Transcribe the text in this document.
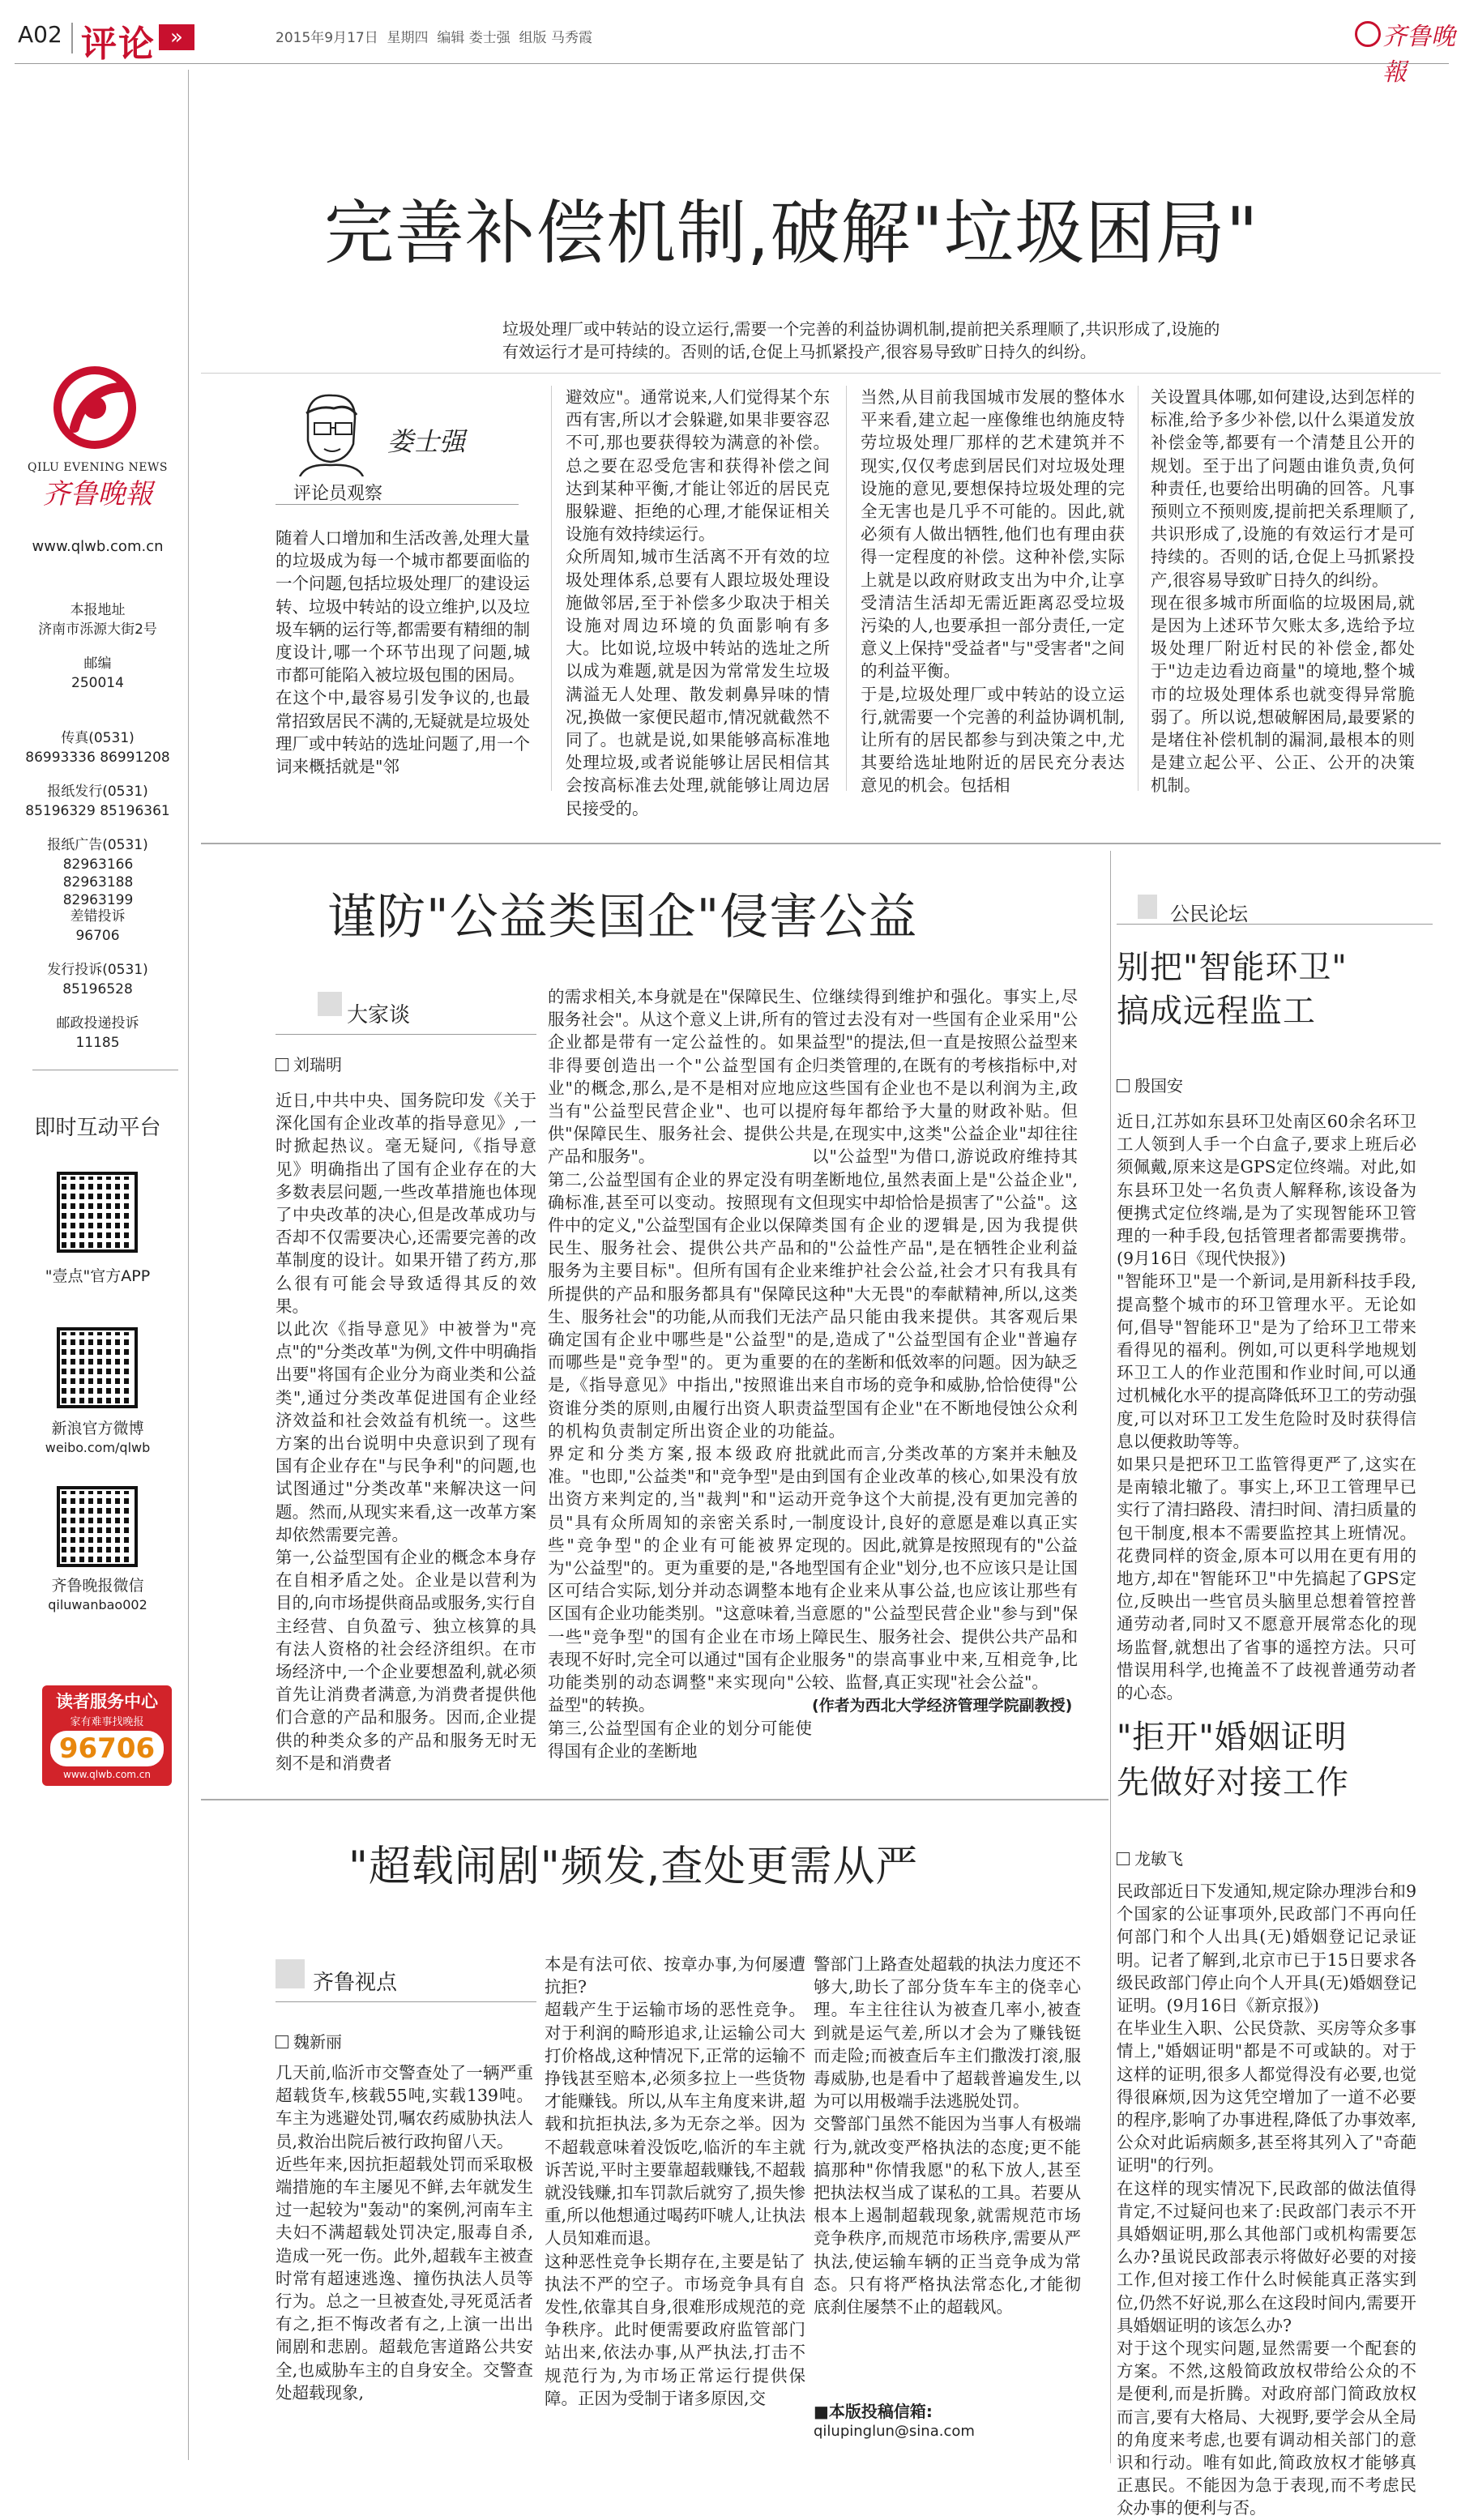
A02 评论 »	2015年9月17日  星期四  编辑 娄士强  组版 马秀霞	齐鲁晚報
QILU EVENING NEWS
齐鲁晚報
www.qlwb.com.cn
本报地址
济南市泺源大街2号
邮编
250014
传真(0531)
86993336 86991208
报纸发行(0531)
85196329 85196361
报纸广告(0531)
82963166 82963188 82963199
差错投诉
96706
发行投诉(0531)
85196528
邮政投递投诉
11185
即时互动平台
"壹点"官方APP
新浪官方微博
weibo.com/qlwb
齐鲁晚报微信
qiluwanbao002
读者服务中心
家有难事找晚报
96706
www.qlwb.com.cn
完善补偿机制,破解"垃圾困局"
垃圾处理厂或中转站的设立运行,需要一个完善的利益协调机制,提前把关系理顺了,共识形成了,设施的有效运行才是可持续的。否则的话,仓促上马抓紧投产,很容易导致旷日持久的纠纷。
娄士强
评论员观察
随着人口增加和生活改善,处理大量的垃圾成为每一个城市都要面临的一个问题,包括垃圾处理厂的建设运转、垃圾中转站的设立维护,以及垃圾车辆的运行等,都需要有精细的制度设计,哪一个环节出现了问题,城市都可能陷入被垃圾包围的困局。
在这个中,最容易引发争议的,也最常招致居民不满的,无疑就是垃圾处理厂或中转站的选址问题了,用一个词来概括就是"邻
避效应"。通常说来,人们觉得某个东西有害,所以才会躲避,如果非要容忍不可,那也要获得较为满意的补偿。总之要在忍受危害和获得补偿之间达到某种平衡,才能让邻近的居民克服躲避、拒绝的心理,才能保证相关设施有效持续运行。
众所周知,城市生活离不开有效的垃圾处理体系,总要有人跟垃圾处理设施做邻居,至于补偿多少取决于相关设施对周边环境的负面影响有多大。比如说,垃圾中转站的选址之所以成为难题,就是因为常常发生垃圾满溢无人处理、散发刺鼻异味的情况,换做一家便民超市,情况就截然不同了。也就是说,如果能够高标准地处理垃圾,或者说能够让居民相信其会按高标准去处理,就能够让周边居民接受的。
当然,从目前我国城市发展的整体水平来看,建立起一座像维也纳施皮特劳垃圾处理厂那样的艺术建筑并不现实,仅仅考虑到居民们对垃圾处理设施的意见,要想保持垃圾处理的完全无害也是几乎不可能的。因此,就必须有人做出牺牲,他们也有理由获得一定程度的补偿。这种补偿,实际上就是以政府财政支出为中介,让享受清洁生活却无需近距离忍受垃圾污染的人,也要承担一部分责任,一定意义上保持"受益者"与"受害者"之间的利益平衡。
于是,垃圾处理厂或中转站的设立运行,就需要一个完善的利益协调机制,让所有的居民都参与到决策之中,尤其要给选址地附近的居民充分表达意见的机会。包括相
关设置具体哪,如何建设,达到怎样的标准,给予多少补偿,以什么渠道发放补偿金等,都要有一个清楚且公开的规划。至于出了问题由谁负责,负何种责任,也要给出明确的回答。凡事预则立不预则废,提前把关系理顺了,共识形成了,设施的有效运行才是可持续的。否则的话,仓促上马抓紧投产,很容易导致旷日持久的纠纷。
现在很多城市所面临的垃圾困局,就是因为上述环节欠账太多,选给予垃圾处理厂附近村民的补偿金,都处于"边走边看边商量"的境地,整个城市的垃圾处理体系也就变得异常脆弱了。所以说,想破解困局,最要紧的是堵住补偿机制的漏洞,最根本的则是建立起公平、公正、公开的决策机制。
谨防"公益类国企"侵害公益
大家谈
刘瑞明
近日,中共中央、国务院印发《关于深化国有企业改革的指导意见》,一时掀起热议。毫无疑问,《指导意见》明确指出了国有企业存在的大多数表层问题,一些改革措施也体现了中央改革的决心,但是改革成功与否却不仅需要决心,还需要完善的改革制度的设计。如果开错了药方,那么很有可能会导致适得其反的效果。
以此次《指导意见》中被誉为"亮点"的"分类改革"为例,文件中明确指出要"将国有企业分为商业类和公益类",通过分类改革促进国有企业经济效益和社会效益有机统一。这些方案的出台说明中央意识到了现有国有企业存在"与民争利"的问题,也试图通过"分类改革"来解决这一问题。然而,从现实来看,这一改革方案却依然需要完善。
第一,公益型国有企业的概念本身存在自相矛盾之处。企业是以营利为目的,向市场提供商品或服务,实行自主经营、自负盈亏、独立核算的具有法人资格的社会经济组织。在市场经济中,一个企业要想盈利,就必须首先让消费者满意,为消费者提供他们合意的产品和服务。因而,企业提供的种类众多的产品和服务无时无刻不是和消费者
的需求相关,本身就是在"保障民生、服务社会"。从这个意义上讲,所有的企业都是带有一定公益性的。如果非得要创造出一个"公益型国有企业"的概念,那么,是不是相对应地应当有"公益型民营企业"、也可以提供"保障民生、服务社会、提供公共产品和服务"。
第二,公益型国有企业的界定没有明确标准,甚至可以变动。按照现有文件中的定义,"公益型国有企业以保障民生、服务社会、提供公共产品和服务为主要目标"。但所有国有企业所提供的产品和服务都具有"保障民生、服务社会"的功能,从而我们无法确定国有企业中哪些是"公益型"的而哪些是"竞争型"的。更为重要的是,《指导意见》中指出,"按照谁出资谁分类的原则,由履行出资人职责的机构负责制定所出资企业的功能界定和分类方案,报本级政府批准。"也即,"公益类"和"竞争型"是由出资方来判定的,当"裁判"和"运动员"具有众所周知的亲密关系时,一些"竞争型"的企业有可能被界定为"公益型"的。更为重要的是,"各地区可结合实际,划分并动态调整本地区国有企业功能类别。"这意味着,当一些"竞争型"的国有企业在市场上表现不好时,完全可以通过"国有企业功能类别的动态调整"来实现向"公益型"的转换。
第三,公益型国有企业的划分可能使得国有企业的垄断地
位继续得到维护和强化。事实上,尽管过去没有对一些国有企业采用"公益型"的提法,但一直是按照公益型来归类管理的,在既有的考核指标中,对这些国有企业也不是以利润为主,政府每年都给予大量的财政补贴。但是,在现实中,这类"公益企业"却往往以"公益型"为借口,游说政府维持其垄断地位,虽然表面上是"公益企业",但现实中却恰恰是损害了"公益"。这类国有企业的逻辑是,因为我提供的"公益性产品",是在牺牲企业利益来维护社会公益,社会才只有我具有这种"大无畏"的奉献精神,所以,这类产品只能由我来提供。其客观后果是,造成了"公益型国有企业"普遍存在的垄断和低效率的问题。因为缺乏来自市场的竞争和威胁,恰恰使得"公益型国有企业"在不断地侵蚀公众利益。
就此而言,分类改革的方案并未触及到国有企业改革的核心,如果没有放开竞争这个大前提,没有更加完善的制度设计,良好的意愿是难以真正实现的。因此,就算是按照现有的"公益型国有企业"划分,也不应该只是让国有企业来从事公益,也应该让那些有意愿的"公益型民营企业"参与到"保障民生、服务社会、提供公共产品和服务"的崇高事业中来,互相竞争,比较、监督,真正实现"社会公益"。
(作者为西北大学经济管理学院副教授)
"超载闹剧"频发,查处更需从严
齐鲁视点
魏新丽
几天前,临沂市交警查处了一辆严重超载货车,核载55吨,实载139吨。车主为逃避处罚,嘱农药威胁执法人员,救治出院后被行政拘留八天。
近些年来,因抗拒超载处罚而采取极端措施的车主屡见不鲜,去年就发生过一起较为"轰动"的案例,河南车主夫妇不满超载处罚决定,服毒自杀,造成一死一伤。此外,超载车主被查时常有超速逃逸、撞伤执法人员等行为。总之一旦被查处,寻死觅活者有之,拒不悔改者有之,上演一出出闹剧和悲剧。超载危害道路公共安全,也威胁车主的自身安全。交警查处超载现象,
本是有法可依、按章办事,为何屡遭抗拒?
超载产生于运输市场的恶性竞争。对于利润的畸形追求,让运输公司大打价格战,这种情况下,正常的运输不挣钱甚至赔本,必须多拉上一些货物才能赚钱。所以,从车主角度来讲,超载和抗拒执法,多为无奈之举。因为不超载意味着没饭吃,临沂的车主就诉苦说,平时主要靠超载赚钱,不超载就没钱赚,扣车罚款后就穷了,损失惨重,所以他想通过喝药吓唬人,让执法人员知难而退。
这种恶性竞争长期存在,主要是钻了执法不严的空子。市场竞争具有自发性,依靠其自身,很难形成规范的竞争秩序。此时便需要政府监管部门站出来,依法办事,从严执法,打击不规范行为,为市场正常运行提供保障。正因为受制于诸多原因,交
警部门上路查处超载的执法力度还不够大,助长了部分货车车主的侥幸心理。车主往往认为被查几率小,被查到就是运气差,所以才会为了赚钱铤而走险;而被查后车主们撒泼打滚,服毒威胁,也是看中了超载普遍发生,以为可以用极端手法逃脱处罚。
交警部门虽然不能因为当事人有极端行为,就改变严格执法的态度;更不能搞那种"你情我愿"的私下放人,甚至把执法权当成了谋私的工具。若要从根本上遏制超载现象,就需规范市场竞争秩序,而规范市场秩序,需要从严执法,使运输车辆的正当竞争成为常态。只有将严格执法常态化,才能彻底刹住屡禁不止的超载风。
■本版投稿信箱:
qilupinglun@sina.com
公民论坛
别把"智能环卫"
搞成远程监工
殷国安
近日,江苏如东县环卫处南区60余名环卫工人领到人手一个白盒子,要求上班后必须佩戴,原来这是GPS定位终端。对此,如东县环卫处一名负责人解释称,该设备为便携式定位终端,是为了实现智能环卫管理的一种手段,包括管理者都需要携带。(9月16日《现代快报》)
"智能环卫"是一个新词,是用新科技手段,提高整个城市的环卫管理水平。无论如何,倡导"智能环卫"是为了给环卫工带来看得见的福利。例如,可以更科学地规划环卫工人的作业范围和作业时间,可以通过机械化水平的提高降低环卫工的劳动强度,可以对环卫工发生危险时及时获得信息以便救助等等。
如果只是把环卫工监管得更严了,这实在是南辕北辙了。事实上,环卫工管理早已实行了清扫路段、清扫时间、清扫质量的包干制度,根本不需要监控其上班情况。花费同样的资金,原本可以用在更有用的地方,却在"智能环卫"中先搞起了GPS定位,反映出一些官员头脑里总想着管控普通劳动者,同时又不愿意开展常态化的现场监督,就想出了省事的遥控方法。只可惜误用科学,也掩盖不了歧视普通劳动者的心态。
"拒开"婚姻证明
先做好对接工作
龙敏飞
民政部近日下发通知,规定除办理涉台和9个国家的公证事项外,民政部门不再向任何部门和个人出具(无)婚姻登记记录证明。记者了解到,北京市已于15日要求各级民政部门停止向个人开具(无)婚姻登记证明。(9月16日《新京报》)
在毕业生入职、公民贷款、买房等众多事情上,"婚姻证明"都是不可或缺的。对于这样的证明,很多人都觉得没有必要,也觉得很麻烦,因为这凭空增加了一道不必要的程序,影响了办事进程,降低了办事效率,公众对此诟病颇多,甚至将其列入了"奇葩证明"的行列。
在这样的现实情况下,民政部的做法值得肯定,不过疑问也来了:民政部门表示不开具婚姻证明,那么其他部门或机构需要怎么办?虽说民政部表示将做好必要的对接工作,但对接工作什么时候能真正落实到位,仍然不好说,那么在这段时间内,需要开具婚姻证明的该怎么办?
对于这个现实问题,显然需要一个配套的方案。不然,这般简政放权带给公众的不是便利,而是折腾。对政府部门简政放权而言,要有大格局、大视野,要学会从全局的角度来考虑,也要有调动相关部门的意识和行动。唯有如此,简政放权才能够真正惠民。不能因为急于表现,而不考虑民众办事的便利与否。
